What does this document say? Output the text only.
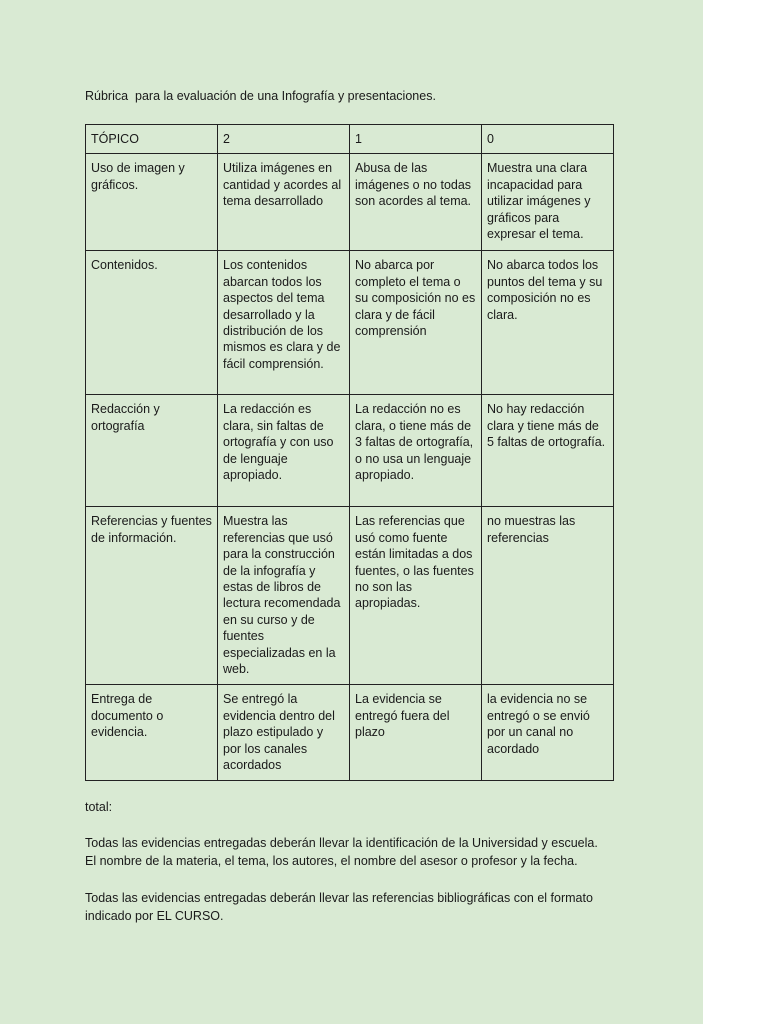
Rúbrica  para la evaluación de una Infografía y presentaciones.
TÓPICO	2	1	0
Uso de imagen y gráficos.	Utiliza imágenes en cantidad y acordes al tema desarrollado	Abusa de las imágenes o no todas son acordes al tema.	Muestra una clara incapacidad para utilizar imágenes y gráficos para expresar el tema.
Contenidos.	Los contenidos abarcan todos los aspectos del tema desarrollado y la distribución de los mismos es clara y de fácil comprensión.	No abarca por completo el tema o su composición no es clara y de fácil comprensión	No abarca todos los puntos del tema y su composición no es clara.
Redacción y ortografía	La redacción es clara, sin faltas de ortografía y con uso de lenguaje apropiado.	La redacción no es clara, o tiene más de 3 faltas de ortografía, o no usa un lenguaje apropiado.	No hay redacción clara y tiene más de 5 faltas de ortografía.
Referencias y fuentes de información.	Muestra las referencias que usó para la construcción de la infografía y estas de libros de lectura recomendada en su curso y de fuentes especializadas en la web.	Las referencias que usó como fuente están limitadas a dos fuentes, o las fuentes no son las apropiadas.	no muestras las referencias
Entrega de documento o evidencia.	Se entregó la evidencia dentro del plazo estipulado y por los canales acordados	La evidencia se entregó fuera del plazo	la evidencia no se entregó o se envió por un canal no acordado
total:
Todas las evidencias entregadas deberán llevar la identificación de la Universidad y escuela.
El nombre de la materia, el tema, los autores, el nombre del asesor o profesor y la fecha.
Todas las evidencias entregadas deberán llevar las referencias bibliográficas con el formato
indicado por EL CURSO.
